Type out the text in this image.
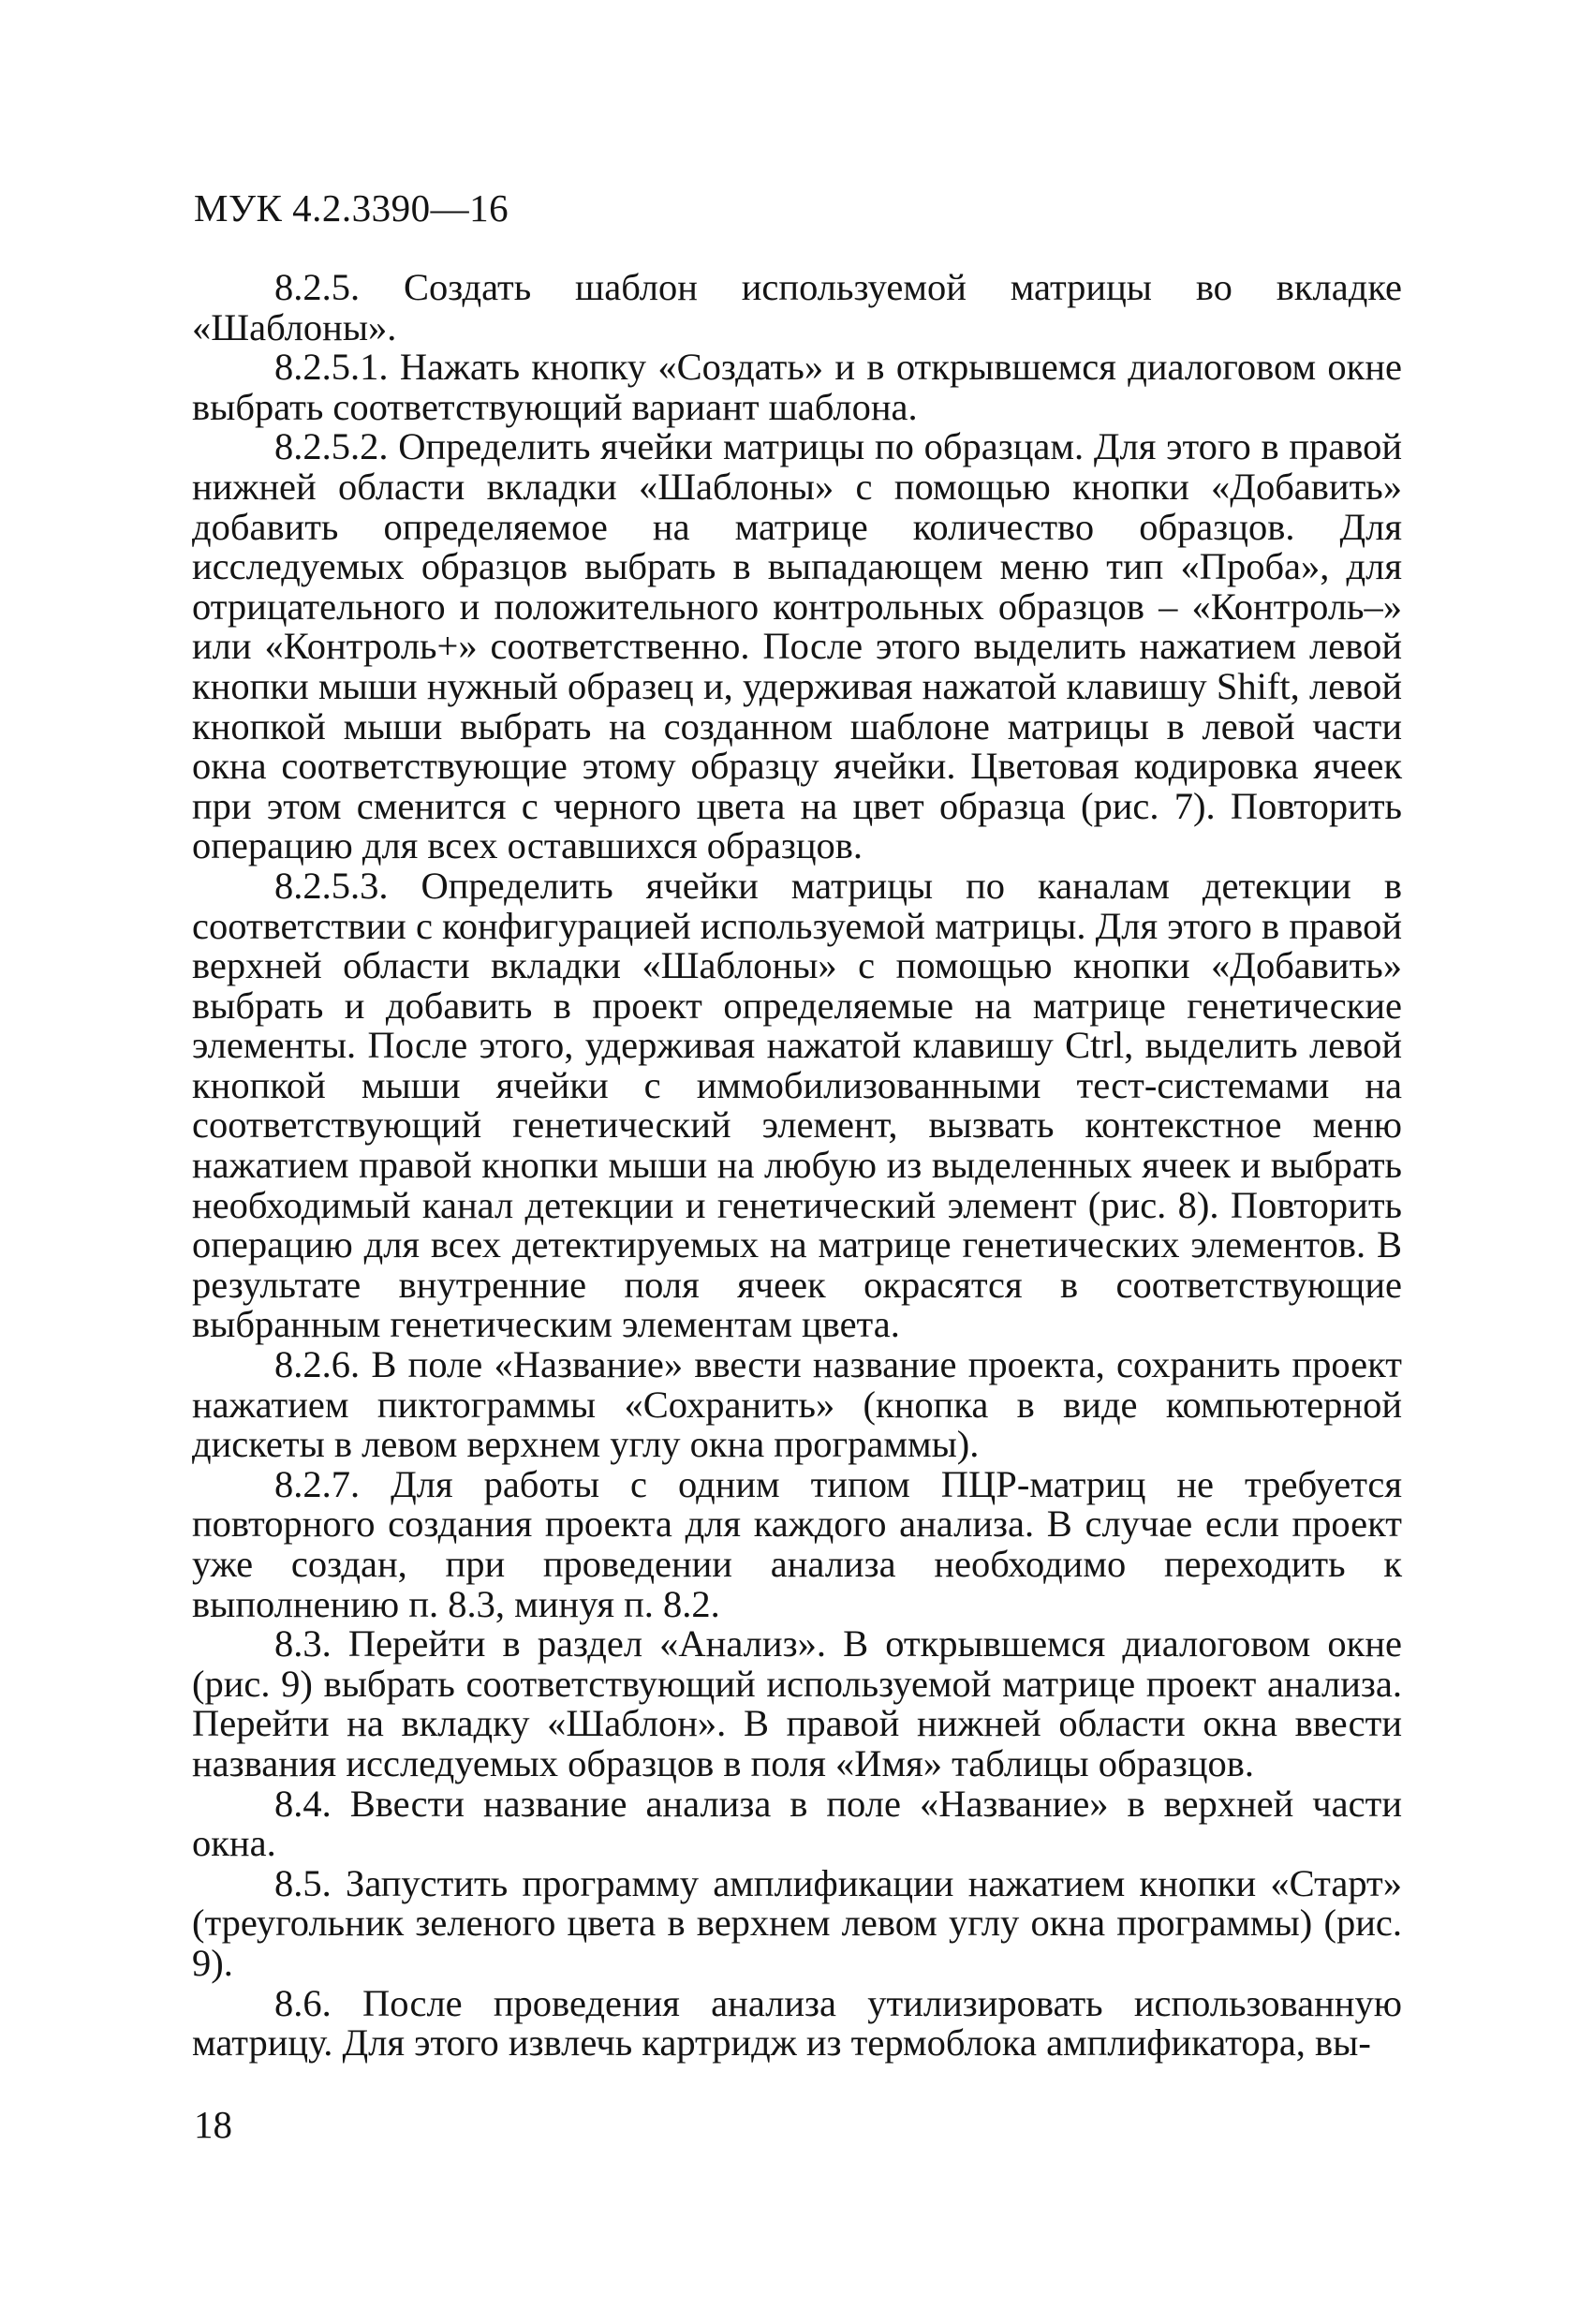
МУК 4.2.3390—16

8.2.5. Создать шаблон используемой матрицы во вкладке «Шаблоны».

8.2.5.1. Нажать кнопку «Создать» и в открывшемся диалоговом окне выбрать соответствующий вариант шаблона.

8.2.5.2. Определить ячейки матрицы по образцам. Для этого в правой нижней области вкладки «Шаблоны» с помощью кнопки «Добавить» добавить определяемое на матрице количество образцов. Для исследуемых образцов выбрать в выпадающем меню тип «Проба», для отрицательного и положительного контрольных образцов – «Контроль–» или «Контроль+» соответственно. После этого выделить нажатием левой кнопки мыши нужный образец и, удерживая нажатой клавишу Shift, левой кнопкой мыши выбрать на созданном шаблоне матрицы в левой части окна соответствующие этому образцу ячейки. Цветовая кодировка ячеек при этом сменится с черного цвета на цвет образца (рис. 7). Повторить операцию для всех оставшихся образцов.

8.2.5.3. Определить ячейки матрицы по каналам детекции в соответствии с конфигурацией используемой матрицы. Для этого в правой верхней области вкладки «Шаблоны» с помощью кнопки «Добавить» выбрать и добавить в проект определяемые на матрице генетические элементы. После этого, удерживая нажатой клавишу Ctrl, выделить левой кнопкой мыши ячейки с иммобилизованными тест-системами на соответствующий генетический элемент, вызвать контекстное меню нажатием правой кнопки мыши на любую из выделенных ячеек и выбрать необходимый канал детекции и генетический элемент (рис. 8). Повторить операцию для всех детектируемых на матрице генетических элементов. В результате внутренние поля ячеек окрасятся в соответствующие выбранным генетическим элементам цвета.

8.2.6. В поле «Название» ввести название проекта, сохранить проект нажатием пиктограммы «Сохранить» (кнопка в виде компьютерной дискеты в левом верхнем углу окна программы).

8.2.7. Для работы с одним типом ПЦР-матриц не требуется повторного создания проекта для каждого анализа. В случае если проект уже создан, при проведении анализа необходимо переходить к выполнению п. 8.3, минуя п. 8.2.

8.3. Перейти в раздел «Анализ». В открывшемся диалоговом окне (рис. 9) выбрать соответствующий используемой матрице проект анализа. Перейти на вкладку «Шаблон». В правой нижней области окна ввести названия исследуемых образцов в поля «Имя» таблицы образцов.

8.4. Ввести название анализа в поле «Название» в верхней части окна.

8.5. Запустить программу амплификации нажатием кнопки «Старт» (треугольник зеленого цвета в верхнем левом углу окна программы) (рис. 9).

8.6. После проведения анализа утилизировать использованную матрицу. Для этого извлечь картридж из термоблока амплификатора, вы-

18
